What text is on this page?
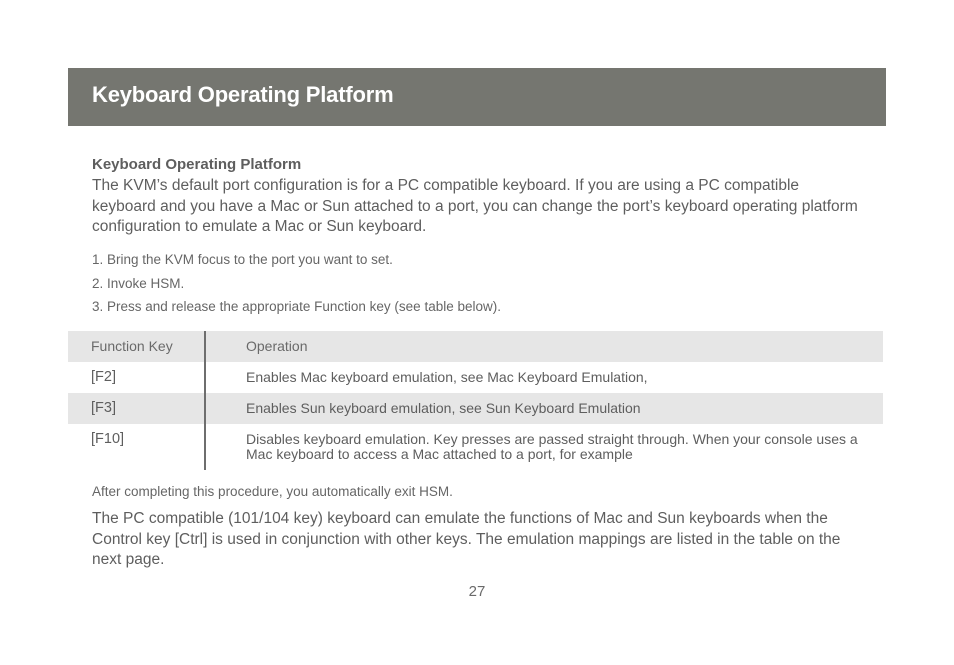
Keyboard Operating Platform
Keyboard Operating Platform

The KVM’s default port configuration is for a PC compatible keyboard. If you are using a PC compatible keyboard and you have a Mac or Sun attached to a port, you can change the port’s keyboard operating platform configuration to emulate a Mac or Sun keyboard.

1. Bring the KVM focus to the port you want to set.
2. Invoke HSM.
3. Press and release the appropriate Function key (see table below).
Function Key	Operation
[F2]	Enables Mac keyboard emulation, see Mac Keyboard Emulation,
[F3]	Enables Sun keyboard emulation, see Sun Keyboard Emulation
[F10]	Disables keyboard emulation. Key presses are passed straight through. When your console uses a Mac keyboard to access a Mac attached to a port, for example
After completing this procedure, you automatically exit HSM.

The PC compatible (101/104 key) keyboard can emulate the functions of Mac and Sun keyboards when the Control key [Ctrl] is used in conjunction with other keys. The emulation mappings are listed in the table on the next page.

27
